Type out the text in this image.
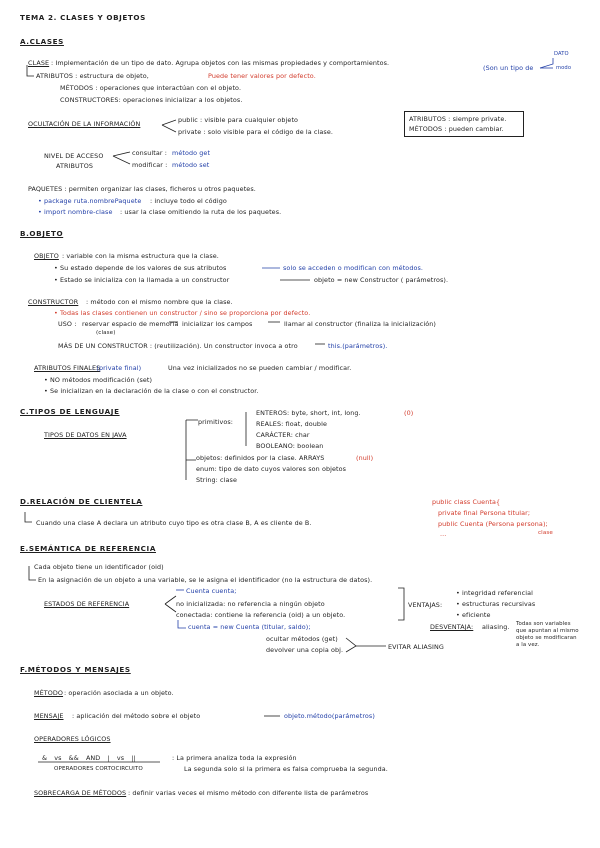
TEMA 2. CLASES Y OBJETOS
A.CLASES
CLASE : Implementación de un tipo de dato. Agrupa objetos con las mismas propiedades y comportamientos.
(Son un tipo de
DATO
modo
ATRIBUTOS : estructura de objeto,	Puede tener valores por defecto.
MÉTODOS : operaciones que interactúan con el objeto.
CONSTRUCTORES: operaciones inicializar a los objetos.
OCULTACIÓN DE LA INFORMACIÓN	public : visible para cualquier objeto
private : solo visible para el código de la clase.
ATRIBUTOS : siempre private.
MÉTODOS : pueden cambiar.
NIVEL DE ACCESO
ATRIBUTOS
consultar : método get
modificar : método set
PAQUETES : permiten organizar las clases, ficheros u otros paquetes.
• package ruta.nombrePaquete : incluye todo el código
• import nombre-clase : usar la clase omitiendo la ruta de los paquetes.
B.OBJETO
OBJETO : variable con la misma estructura que la clase.
• Su estado depende de los valores de sus atributos	solo se acceden o modifican con métodos.
• Estado se inicializa con la llamada a un constructor	objeto = new Constructor ( parámetros).
CONSTRUCTOR : método con el mismo nombre que la clase.
• Todas las clases contienen un constructor / sino se proporciona por defecto.
USO : reservar espacio de memoria
(clase)
inicializar los campos	llamar al constructor (finaliza la inicialización)
MÁS DE UN CONSTRUCTOR : (reutilización). Un constructor invoca a otro	this.(parámetros).
ATRIBUTOS FINALES
: (private final)	Una vez inicializados no se pueden cambiar / modificar.
• NO métodos modificación (set)
• Se inicializan en la declaración de la clase o con el constructor.
C.TIPOS DE LENGUAJE
TIPOS DE DATOS EN JAVA
primitivos:
ENTEROS: byte, short, int, long.	(0)
REALES: float, double
CARÁCTER: char
BOOLEANO: boolean
objetos: definidos por la clase. ARRAYS	(null)
enum: tipo de dato cuyos valores son objetos
String: clase
D.RELACIÓN DE CLIENTELA
Cuando una clase A declara un atributo cuyo tipo es otra clase B, A es cliente de B.
public class Cuenta{
private final Persona titular;
public Cuenta (Persona persona);
clase
...
E.SEMÁNTICA DE REFERENCIA
Cada objeto tiene un identificador (oid)
En la asignación de un objeto a una variable, se le asigna el identificador (no la estructura de datos).
ESTADOS DE REFERENCIA
Cuenta cuenta;
no inicializada: no referencia a ningún objeto
conectada: contiene la referencia (oid) a un objeto.
cuenta = new Cuenta (titular, saldo);
ocultar métodos (get)
devolver una copia obj.	EVITAR ALIASING
VENTAJAS:
• integridad referencial
• estructuras recursivas
• eficiente
DESVENTAJA: aliasing. Todas son variables
que apuntan al mismo
objeto se modificaran
a la vez.
F.MÉTODOS Y MENSAJES
MÉTODO : operación asociada a un objeto.
MENSAJE : aplicación del método sobre el objeto	objeto.método(parámetros)
OPERADORES LÓGICOS
& vs && AND | vs ||
OPERADORES CORTOCIRCUITO
: La primera analiza toda la expresión
La segunda solo si la primera es falsa comprueba la segunda.
SOBRECARGA DE MÉTODOS : definir varias veces el mismo método con diferente lista de parámetros
